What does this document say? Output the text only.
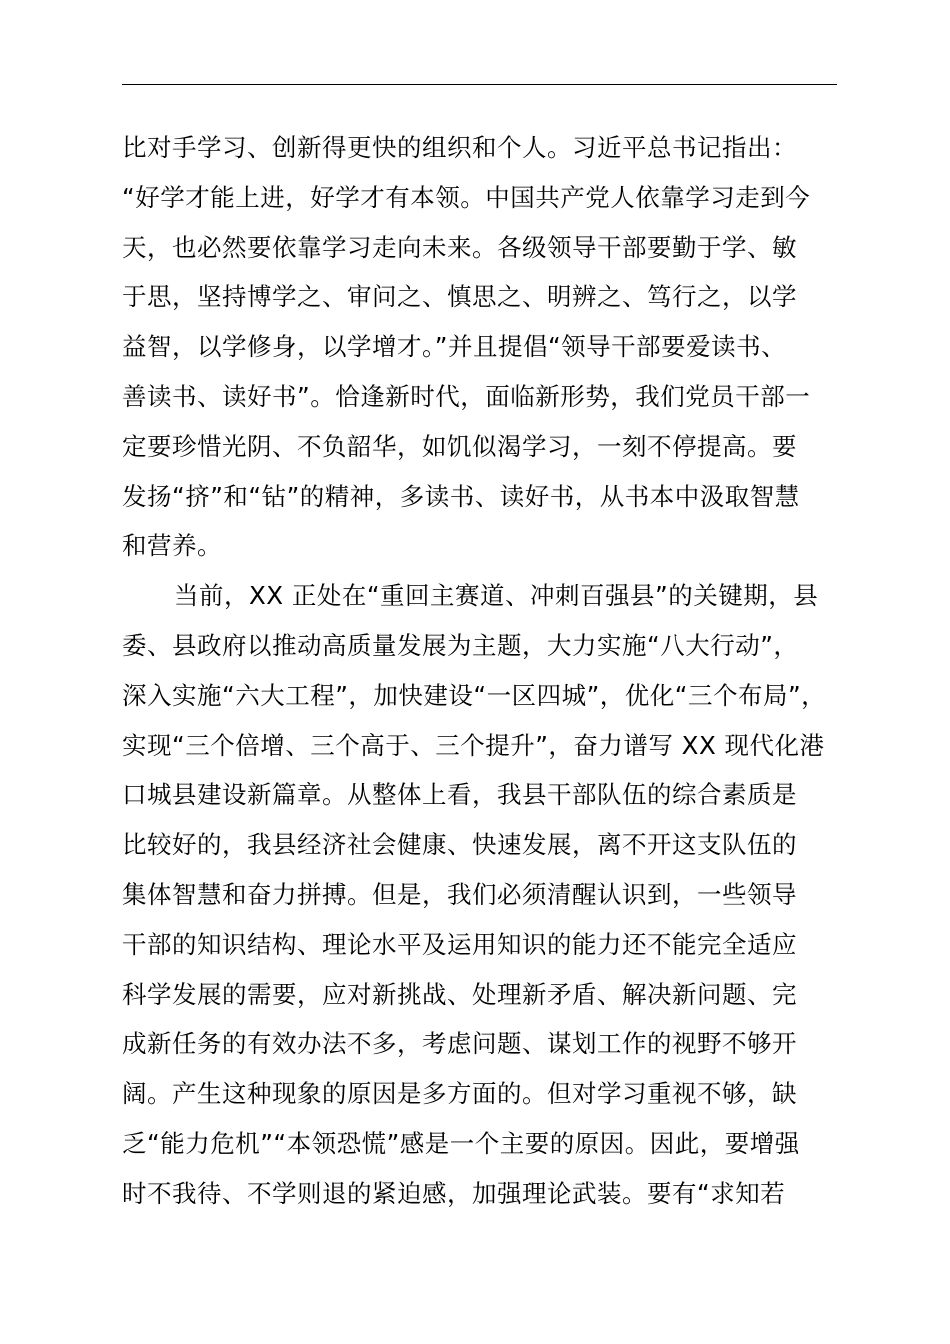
比对手学习、创新得更快的组织和个人。习近平总书记指出：
“好学才能上进，好学才有本领。中国共产党人依靠学习走到今
天，也必然要依靠学习走向未来。各级领导干部要勤于学、敏
于思，坚持博学之、审问之、慎思之、明辨之、笃行之，以学
益智，以学修身，以学增才。”并且提倡“领导干部要爱读书、
善读书、读好书”。恰逢新时代，面临新形势，我们党员干部一
定要珍惜光阴、不负韶华，如饥似渴学习，一刻不停提高。要
发扬“挤”和“钻”的精神，多读书、读好书，从书本中汲取智慧
和营养。
当前，XX 正处在“重回主赛道、冲刺百强县”的关键期，县
委、县政府以推动高质量发展为主题，大力实施“八大行动”，
深入实施“六大工程”，加快建设“一区四城”，优化“三个布局”，
实现“三个倍增、三个高于、三个提升”，奋力谱写 XX 现代化港
口城县建设新篇章。从整体上看，我县干部队伍的综合素质是
比较好的，我县经济社会健康、快速发展，离不开这支队伍的
集体智慧和奋力拼搏。但是，我们必须清醒认识到，一些领导
干部的知识结构、理论水平及运用知识的能力还不能完全适应
科学发展的需要，应对新挑战、处理新矛盾、解决新问题、完
成新任务的有效办法不多，考虑问题、谋划工作的视野不够开
阔。产生这种现象的原因是多方面的。但对学习重视不够，缺
乏“能力危机”“本领恐慌”感是一个主要的原因。因此，要增强
时不我待、不学则退的紧迫感，加强理论武装。要有“求知若
